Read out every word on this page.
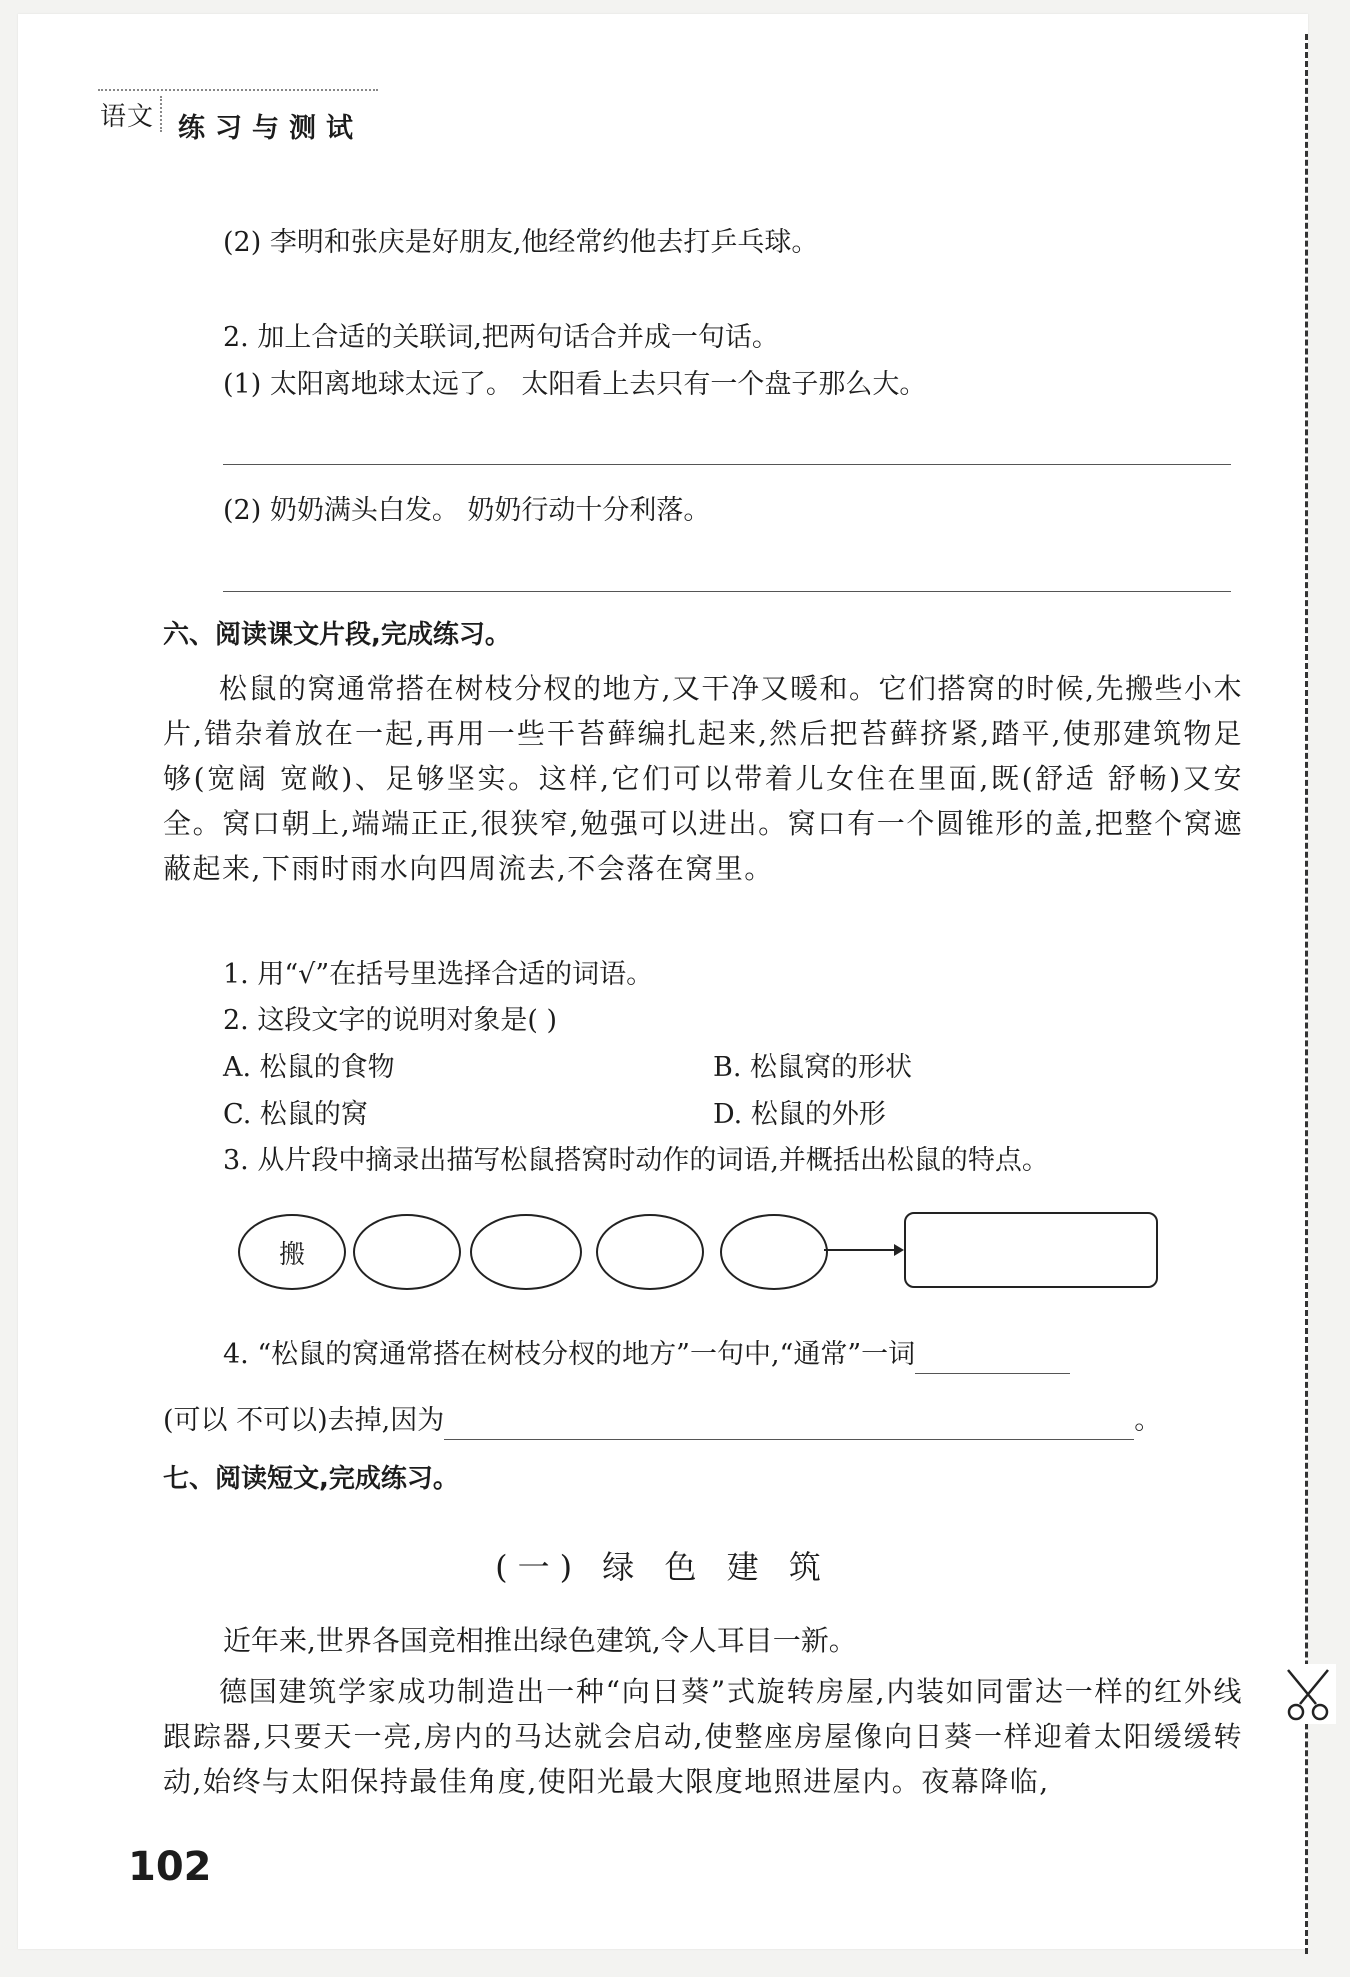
语文 练习与测试
(2) 李明和张庆是好朋友,他经常约他去打乒乓球。
2. 加上合适的关联词,把两句话合并成一句话。
(1) 太阳离地球太远了。 太阳看上去只有一个盘子那么大。
(2) 奶奶满头白发。 奶奶行动十分利落。
六、阅读课文片段,完成练习。

松鼠的窝通常搭在树枝分杈的地方,又干净又暖和。它们搭窝的时候,先搬些小木片,错杂着放在一起,再用一些干苔藓编扎起来,然后把苔藓挤紧,踏平,使那建筑物足够(宽阔 宽敞)、足够坚实。这样,它们可以带着儿女住在里面,既(舒适 舒畅)又安全。窝口朝上,端端正正,很狭窄,勉强可以进出。窝口有一个圆锥形的盖,把整个窝遮蔽起来,下雨时雨水向四周流去,不会落在窝里。

1. 用“√”在括号里选择合适的词语。
2. 这段文字的说明对象是( )
A. 松鼠的食物	B. 松鼠窝的形状
C. 松鼠的窝	D. 松鼠的外形
3. 从片段中摘录出描写松鼠搭窝时动作的词语,并概括出松鼠的特点。
搬
4. “松鼠的窝通常搭在树枝分杈的地方”一句中,“通常”一词
(可以 不可以)去掉,因为	。
七、阅读短文,完成练习。
(一) 绿 色 建 筑
近年来,世界各国竞相推出绿色建筑,令人耳目一新。

德国建筑学家成功制造出一种“向日葵”式旋转房屋,内装如同雷达一样的红外线跟踪器,只要天一亮,房内的马达就会启动,使整座房屋像向日葵一样迎着太阳缓缓转动,始终与太阳保持最佳角度,使阳光最大限度地照进屋内。夜幕降临,

102
